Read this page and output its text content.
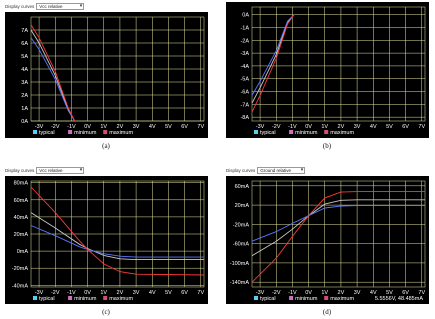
Display curves Vcc relative	▾
-3V -2V -1V 0V 1V 2V 3V 4V 5V 6V 7V
7A
6A
5A
4A
3A
2A
1A
0A
typical	minimum maximum
(a)
-3V -2V -1V 0V 1V 2V 3V 4V 5V 6V 7V
0A
-1A
-2A
-3A
-4A
-5A
-6A
-7A
-8A
typical	minimum maximum
(b)
Display curves Vcc relative	▾
-3V -2V -1V 0V 1V 2V 3V 4V 5V 6V 7V
80mA
60mA
40mA
20mA
0mA
-20mA
-40mA
typical	minimum maximum
(c)
Display curves Ground relative ▾
-3V -2V -1V 0V 1V 2V 3V 4V 5V 6V 7V
60mA
20mA
-20mA
-60mA
-100mA
-140mA
typical	minimum maximum	5.5556V, 48.485mA
(d)
